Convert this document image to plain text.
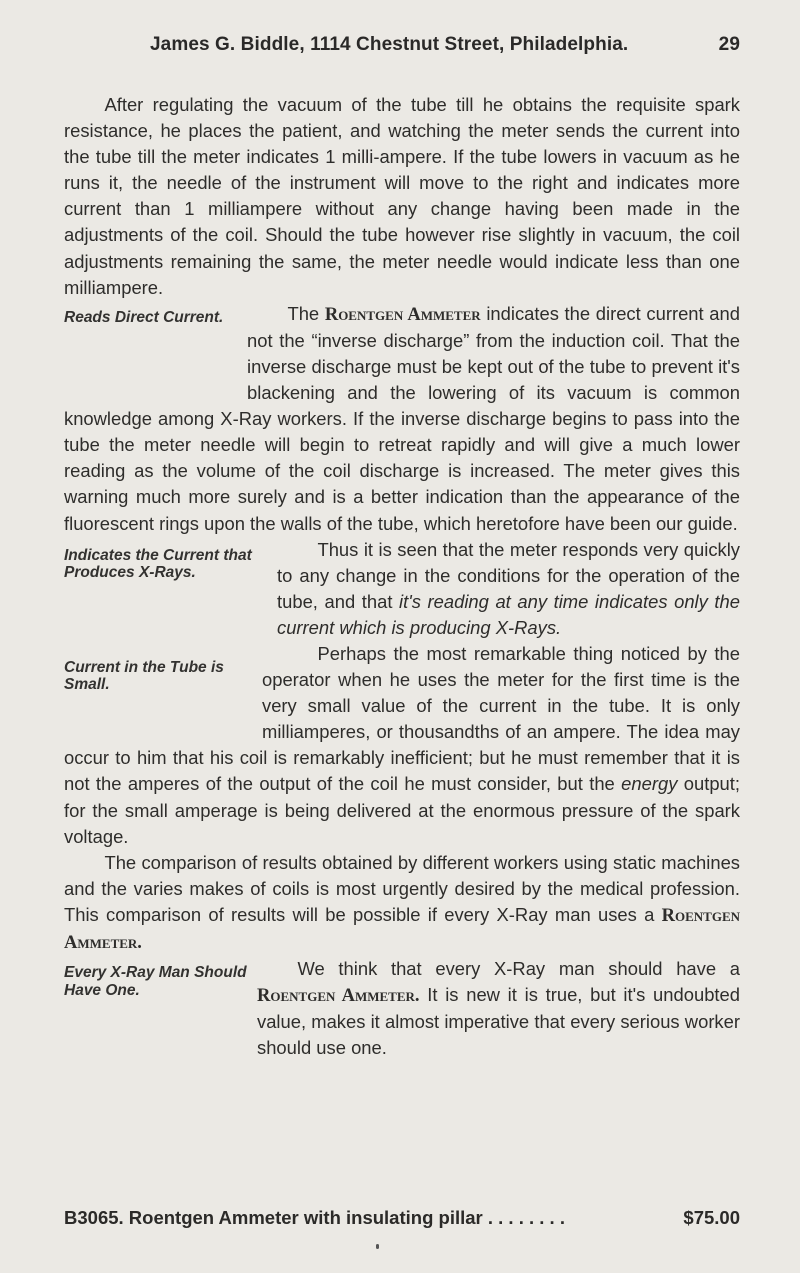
James G. Biddle, 1114 Chestnut Street, Philadelphia.	29

After regulating the vacuum of the tube till he obtains the requisite spark resistance, he places the patient, and watching the meter sends the current into the tube till the meter indicates 1 milli-ampere. If the tube lowers in vacuum as he runs it, the needle of the instrument will move to the right and indicates more current than 1 milliampere without any change having been made in the adjustments of the coil. Should the tube however rise slightly in vacuum, the coil adjustments remaining the same, the meter needle would indicate less than one milliampere.

Reads Direct Current.	The Roentgen Ammeter indicates the direct current and not the “inverse discharge” from the induction coil. That the inverse discharge must be kept out of the tube to prevent it's blackening and the lowering of its vacuum is common knowledge among X-Ray workers. If the inverse discharge begins to pass into the tube the meter needle will begin to retreat rapidly and will give a much lower reading as the volume of the coil discharge is increased. The meter gives this warning much more surely and is a better indication than the appearance of the fluorescent rings upon the walls of the tube, which heretofore have been our guide.

Indicates the Current that Produces X-Rays.

Thus it is seen that the meter responds very quickly to any change in the conditions for the operation of the tube, and that it's reading at any time indicates only the current which is producing X-Rays.

Current in the Tube is Small.

Perhaps the most remarkable thing noticed by the operator when he uses the meter for the first time is the very small value of the current in the tube. It is only milliamperes, or thousandths of an ampere. The idea may occur to him that his coil is remarkably inefficient; but he must remember that it is not the amperes of the output of the coil he must consider, but the energy output; for the small amperage is being delivered at the enormous pressure of the spark voltage.

The comparison of results obtained by different workers using static machines and the varies makes of coils is most urgently desired by the medical profession. This comparison of results will be possible if every X-Ray man uses a Roentgen Ammeter.

Every X-Ray Man Should Have One.

We think that every X-Ray man should have a Roentgen Ammeter. It is new it is true, but it's undoubted value, makes it almost imperative that every serious worker should use one.

B3065. Roentgen Ammeter with insulating pillar . . . . . . . .	$75.00
